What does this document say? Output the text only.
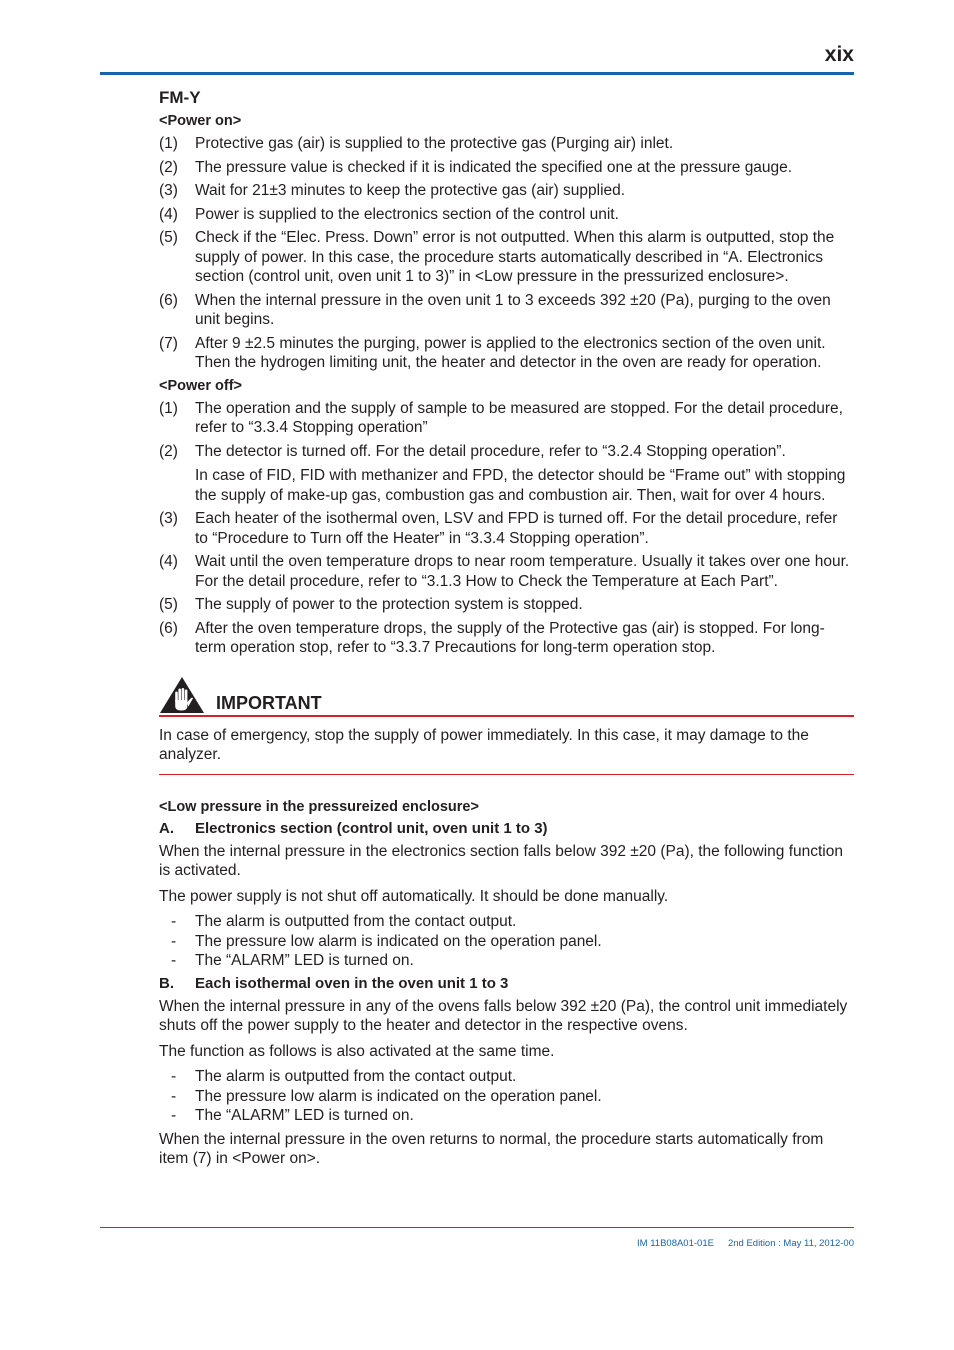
xix
FM-Y
<Power on>
(1)	Protective gas (air) is supplied to the protective gas (Purging air) inlet.

(2)	The pressure value is checked if it is indicated the specified one at the pressure gauge.

(3)	Wait for 21±3 minutes to keep the protective gas (air) supplied.

(4)	Power is supplied to the electronics section of the control unit.

(5)	Check if the “Elec. Press. Down” error is not outputted. When this alarm is outputted, stop the supply of power. In this case, the procedure starts automatically described in “A. Electronics section (control unit, oven unit 1 to 3)” in <Low pressure in the pressurized enclosure>.

(6)	When the internal pressure in the oven unit 1 to 3 exceeds 392 ±20 (Pa), purging to the oven unit begins.

(7)	After 9 ±2.5 minutes the purging, power is applied to the electronics section of the oven unit. Then the hydrogen limiting unit, the heater and detector in the oven are ready for operation.

<Power off>
(1)	The operation and the supply of sample to be measured are stopped. For the detail procedure, refer to “3.3.4 Stopping operation”

(2)	The detector is turned off. For the detail procedure, refer to “3.2.4 Stopping operation”.

In case of FID, FID with methanizer and FPD, the detector should be “Frame out” with stopping the supply of make-up gas, combustion gas and combustion air. Then, wait for over 4 hours.

(3)	Each heater of the isothermal oven, LSV and FPD is turned off. For the detail procedure, refer to “Procedure to Turn off the Heater” in “3.3.4 Stopping operation”.

(4)	Wait until the oven temperature drops to near room temperature. Usually it takes over one hour. For the detail procedure, refer to “3.1.3 How to Check the Temperature at Each Part”.

(5)	The supply of power to the protection system is stopped.

(6)	After the oven temperature drops, the supply of the Protective gas (air) is stopped. For long-term operation stop, refer to “3.3.7 Precautions for long-term operation stop.

IMPORTANT

In case of emergency, stop the supply of power immediately. In this case, it may damage to the analyzer.

<Low pressure in the pressureized enclosure>
A.	Electronics section (control unit, oven unit 1 to 3)

When the internal pressure in the electronics section falls below 392 ±20 (Pa), the following function is activated.

The power supply is not shut off automatically. It should be done manually.

-	The alarm is outputted from the contact output.
-	The pressure low alarm is indicated on the operation panel.
-	The “ALARM” LED is turned on.
B.	Each isothermal oven in the oven unit 1 to 3

When the internal pressure in any of the ovens falls below 392 ±20 (Pa), the control unit immediately shuts off the power supply to the heater and detector in the respective ovens.

The function as follows is also activated at the same time.

-	The alarm is outputted from the contact output.
-	The pressure low alarm is indicated on the operation panel.
-	The “ALARM” LED is turned on.

When the internal pressure in the oven returns to normal, the procedure starts automatically from item (7) in <Power on>.

IM 11B08A01-01E 2nd Edition : May 11, 2012-00
